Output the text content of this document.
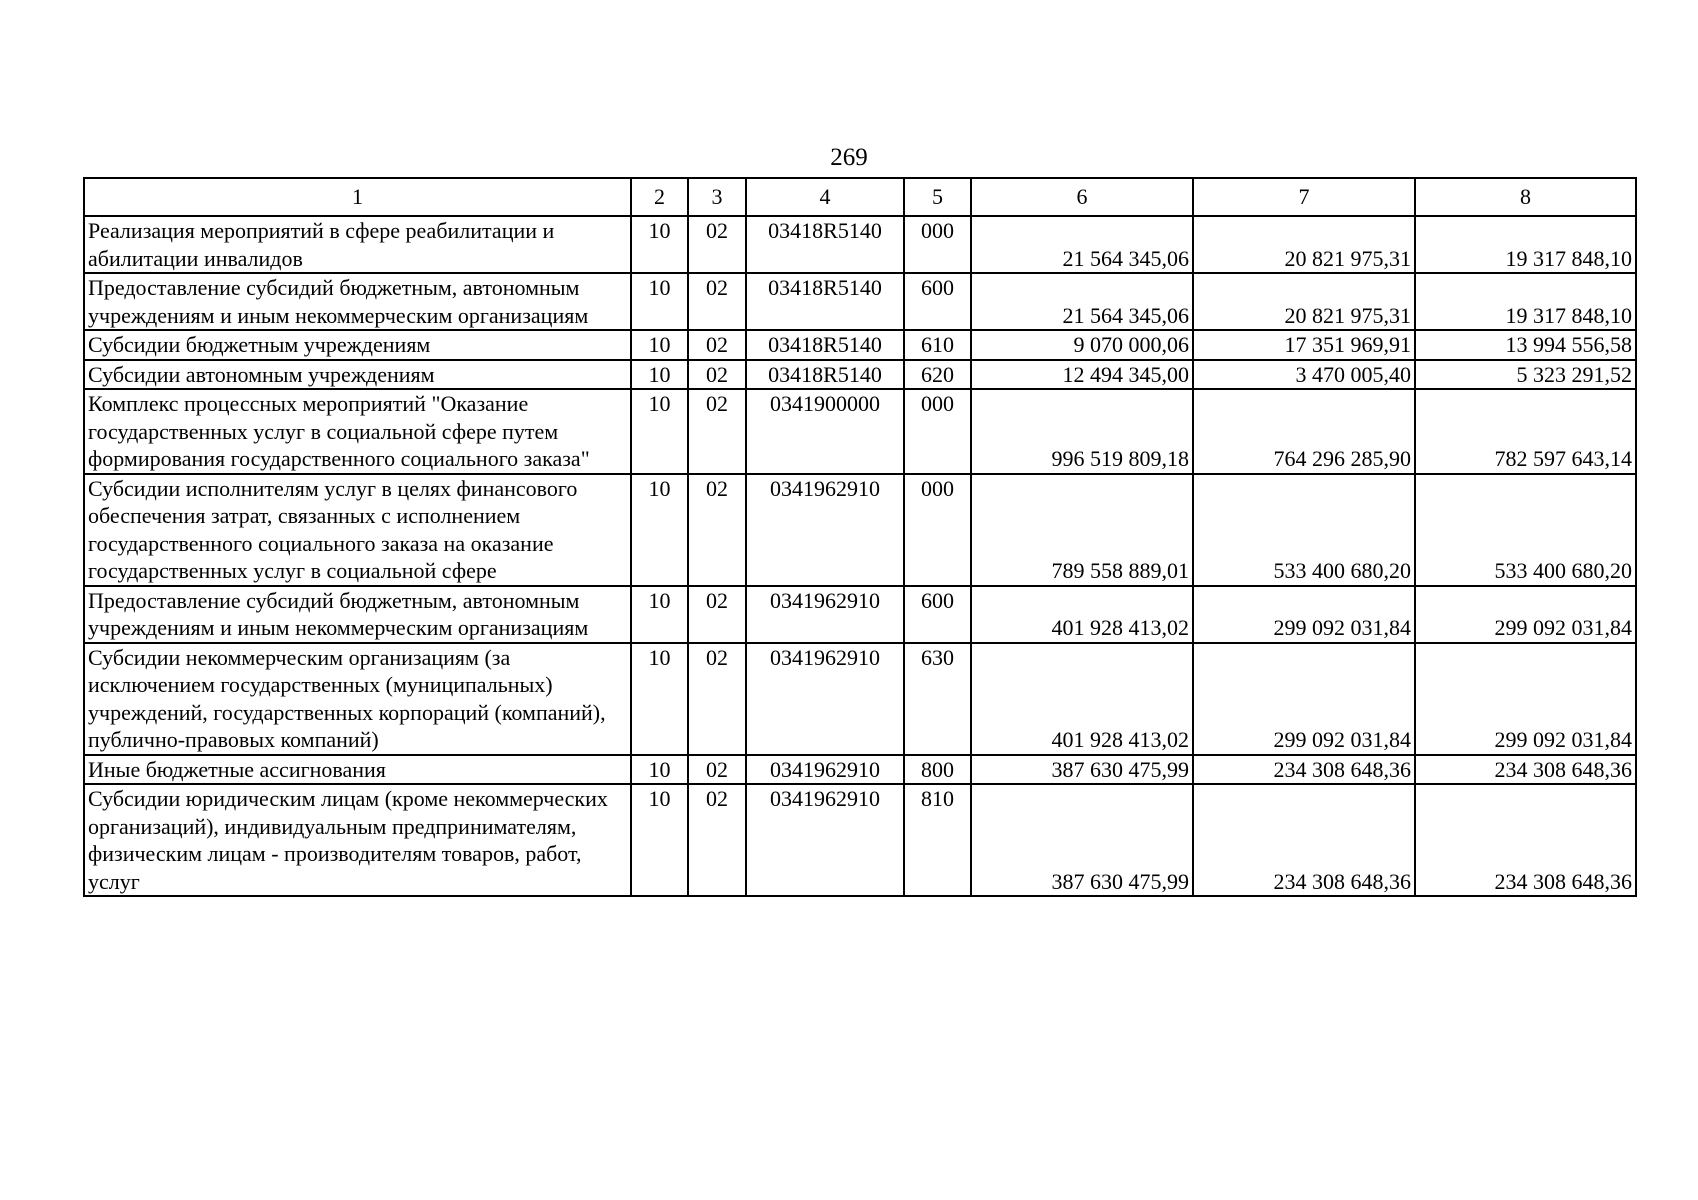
269
1	2	3	4	5	6	7	8
Реализация мероприятий в сфере реабилитации и абилитации инвалидов	10	02	03418R5140	000	21 564 345,06	20 821 975,31	19 317 848,10
Предоставление субсидий бюджетным, автономным учреждениям и иным некоммерческим организациям	10	02	03418R5140	600	21 564 345,06	20 821 975,31	19 317 848,10
Субсидии бюджетным учреждениям	10	02	03418R5140	610	9 070 000,06	17 351 969,91	13 994 556,58
Субсидии автономным учреждениям	10	02	03418R5140	620	12 494 345,00	3 470 005,40	5 323 291,52
Комплекс процессных мероприятий "Оказание государственных услуг в социальной сфере путем формирования государственного социального заказа"	10	02	0341900000	000	996 519 809,18	764 296 285,90	782 597 643,14
Субсидии исполнителям услуг в целях финансового обеспечения затрат, связанных с исполнением государственного социального заказа на оказание государственных услуг в социальной сфере	10	02	0341962910	000	789 558 889,01	533 400 680,20	533 400 680,20
Предоставление субсидий бюджетным, автономным учреждениям и иным некоммерческим организациям	10	02	0341962910	600	401 928 413,02	299 092 031,84	299 092 031,84
Субсидии некоммерческим организациям (за исключением государственных (муниципальных) учреждений, государственных корпораций (компаний), публично-правовых компаний)	10	02	0341962910	630	401 928 413,02	299 092 031,84	299 092 031,84
Иные бюджетные ассигнования	10	02	0341962910	800	387 630 475,99	234 308 648,36	234 308 648,36
Субсидии юридическим лицам (кроме некоммерческих организаций), индивидуальным предпринимателям, физическим лицам - производителям товаров, работ, услуг	10	02	0341962910	810	387 630 475,99	234 308 648,36	234 308 648,36
